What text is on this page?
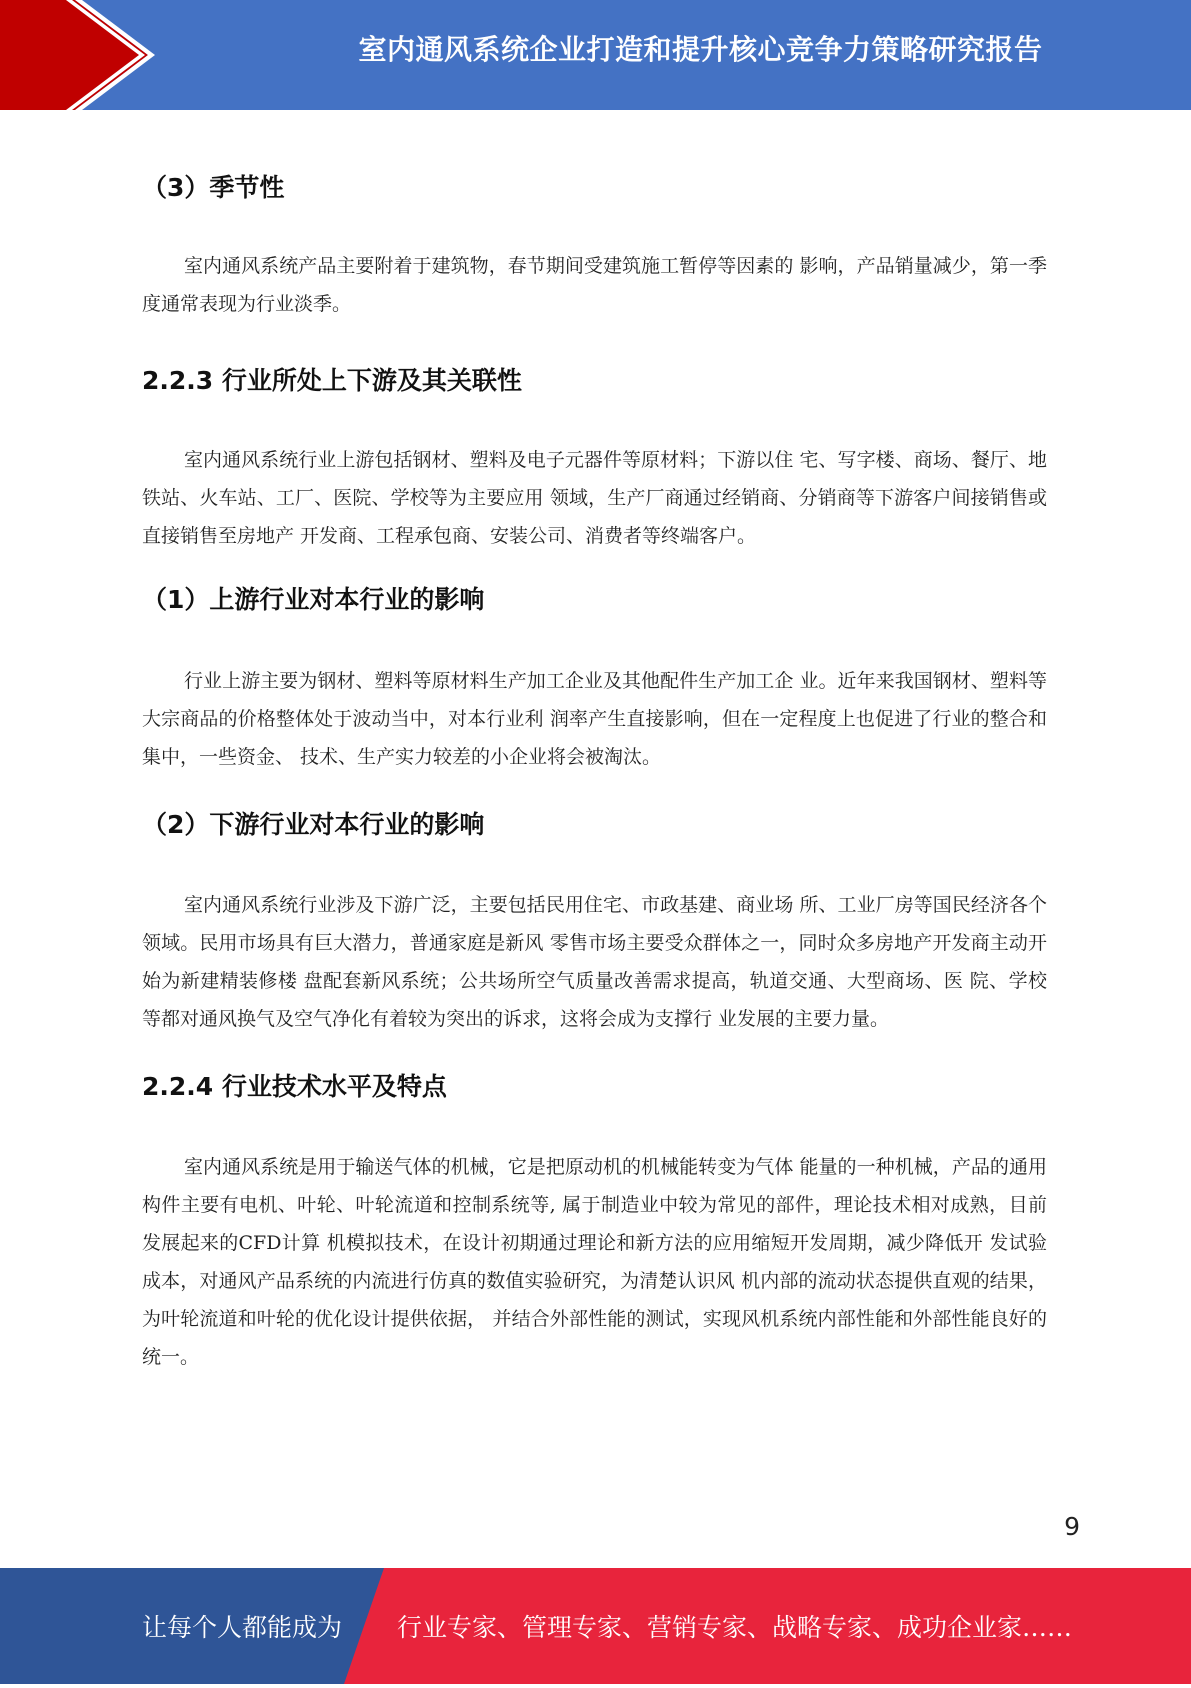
室内通风系统企业打造和提升核心竞争力策略研究报告
（3）季节性

室内通风系统产品主要附着于建筑物，春节期间受建筑施工暂停等因素的 影响，产品销量减少，第一季度通常表现为行业淡季。

2.2.3 行业所处上下游及其关联性

室内通风系统行业上游包括钢材、塑料及电子元器件等原材料；下游以住 宅、写字楼、商场、餐厅、地铁站、火车站、工厂、医院、学校等为主要应用 领域，生产厂商通过经销商、分销商等下游客户间接销售或直接销售至房地产 开发商、工程承包商、安装公司、消费者等终端客户。

（1）上游行业对本行业的影响

行业上游主要为钢材、塑料等原材料生产加工企业及其他配件生产加工企 业。近年来我国钢材、塑料等大宗商品的价格整体处于波动当中，对本行业利 润率产生直接影响，但在一定程度上也促进了行业的整合和集中，一些资金、 技术、生产实力较差的小企业将会被淘汰。

（2）下游行业对本行业的影响

室内通风系统行业涉及下游广泛，主要包括民用住宅、市政基建、商业场 所、工业厂房等国民经济各个领域。民用市场具有巨大潜力，普通家庭是新风 零售市场主要受众群体之一，同时众多房地产开发商主动开始为新建精装修楼 盘配套新风系统；公共场所空气质量改善需求提高，轨道交通、大型商场、医 院、学校等都对通风换气及空气净化有着较为突出的诉求，这将会成为支撑行 业发展的主要力量。

2.2.4 行业技术水平及特点

室内通风系统是用于输送气体的机械，它是把原动机的机械能转变为气体 能量的一种机械，产品的通用构件主要有电机、叶轮、叶轮流道和控制系统等, 属于制造业中较为常见的部件，理论技术相对成熟，目前发展起来的CFD计算 机模拟技术，在设计初期通过理论和新方法的应用缩短开发周期，减少降低开 发试验成本，对通风产品系统的内流进行仿真的数值实验研究，为清楚认识风 机内部的流动状态提供直观的结果，为叶轮流道和叶轮的优化设计提供依据， 并结合外部性能的测试，实现风机系统内部性能和外部性能良好的统一。

9
让每个人都能成为 行业专家、管理专家、营销专家、战略专家、成功企业家……
